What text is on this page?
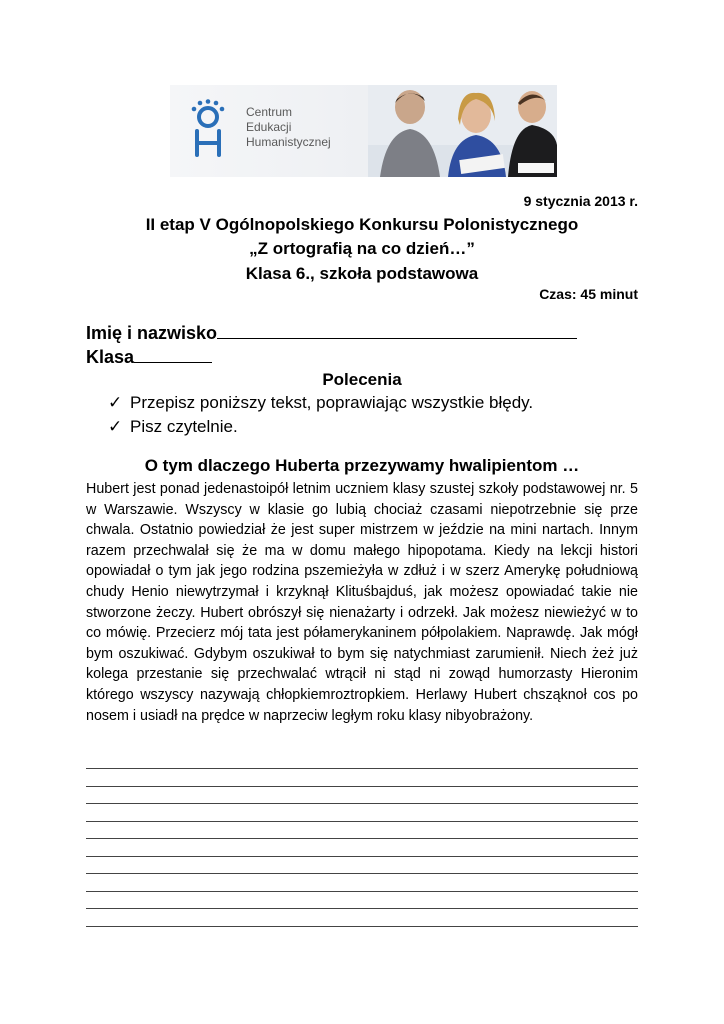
Centrum
Edukacji
Humanistycznej
9 stycznia 2013 r.
II etap V Ogólnopolskiego Konkursu Polonistycznego
„Z ortografią na co dzień…”
Klasa 6., szkoła podstawowa
Czas: 45 minut
Imię i nazwisko
Klasa
Polecenia
✓ Przepisz poniższy tekst, poprawiając wszystkie błędy.
✓ Pisz czytelnie.
O tym dlaczego Huberta przezywamy hwalipientom …

Hubert jest ponad jedenastoipół letnim uczniem klasy szustej szkoły podstawowej nr. 5 w Warszawie. Wszyscy w klasie go lubią chociaż czasami niepotrzebnie się prze chwala. Ostatnio powiedział że jest super mistrzem w jeździe na mini nartach. Innym razem przechwalał się że ma w domu małego hipopotama. Kiedy na lekcji histori opowiadał o tym jak jego rodzina pszemieżyła w zdłuż i w szerz Amerykę południową chudy Henio niewytrzymał i krzyknął Klituśbajduś, jak możesz opowiadać takie nie stworzone żeczy. Hubert obrószył się nienażarty i odrzekł. Jak możesz niewieżyć w to co mówię. Przecierz mój tata jest półamerykaninem półpolakiem. Naprawdę. Jak mógł bym oszukiwać. Gdybym oszukiwał to bym się natychmiast zarumienił. Niech żeż już kolega przestanie się przechwalać wtrącił ni stąd ni zowąd humorzasty Hieronim którego wszyscy nazywają chłopkiemroztropkiem. Herlawy Hubert chsząknoł cos po nosem i usiadł na prędce w naprzeciw ległym roku klasy nibyobrażony.
